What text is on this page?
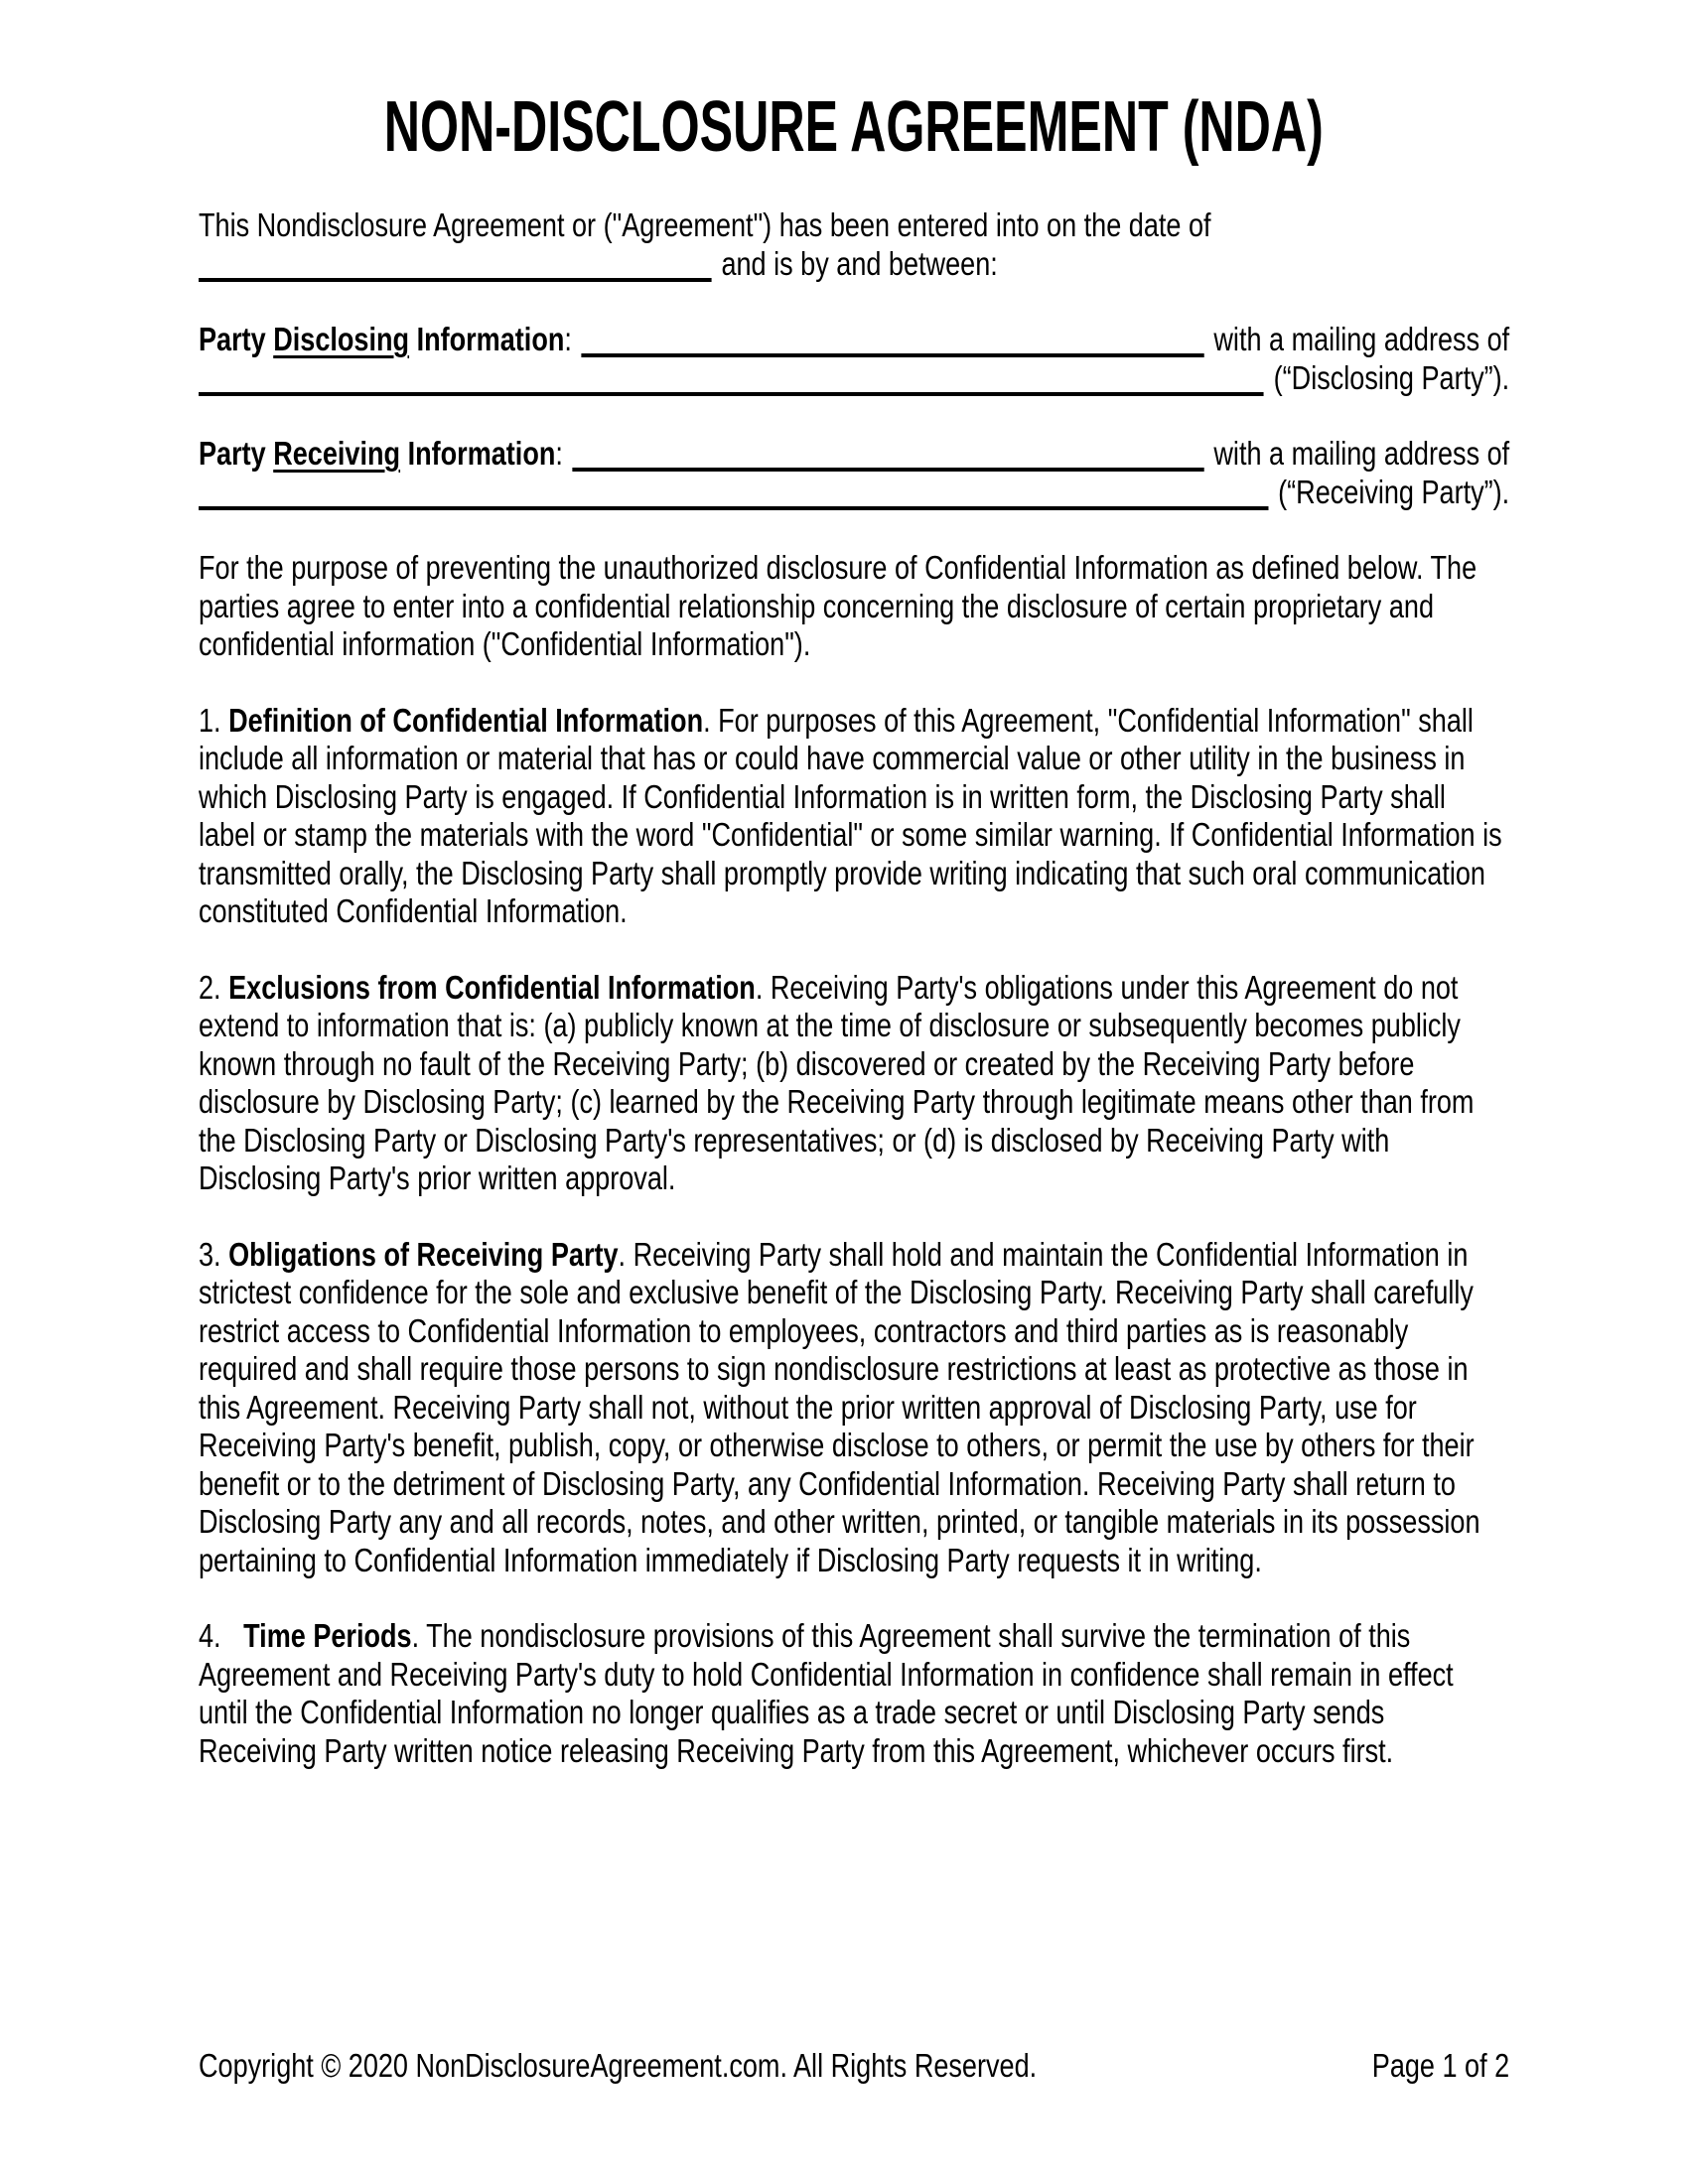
NON-DISCLOSURE AGREEMENT (NDA)
This Nondisclosure Agreement or ("Agreement") has been entered into on the date of
and is by and between:
Party Disclosing Information:	with a mailing address of
(“Disclosing Party”).
Party Receiving Information:	with a mailing address of
(“Receiving Party”).
For the purpose of preventing the unauthorized disclosure of Confidential Information as defined below. The parties agree to enter into a confidential relationship concerning the disclosure of certain proprietary and confidential information ("Confidential Information").
1. Definition of Confidential Information. For purposes of this Agreement, "Confidential Information" shall include all information or material that has or could have commercial value or other utility in the business in which Disclosing Party is engaged. If Confidential Information is in written form, the Disclosing Party shall label or stamp the materials with the word "Confidential" or some similar warning. If Confidential Information is transmitted orally, the Disclosing Party shall promptly provide writing indicating that such oral communication constituted Confidential Information.
2. Exclusions from Confidential Information. Receiving Party's obligations under this Agreement do not extend to information that is: (a) publicly known at the time of disclosure or subsequently becomes publicly known through no fault of the Receiving Party; (b) discovered or created by the Receiving Party before disclosure by Disclosing Party; (c) learned by the Receiving Party through legitimate means other than from the Disclosing Party or Disclosing Party's representatives; or (d) is disclosed by Receiving Party with Disclosing Party's prior written approval.
3. Obligations of Receiving Party. Receiving Party shall hold and maintain the Confidential Information in strictest confidence for the sole and exclusive benefit of the Disclosing Party. Receiving Party shall carefully restrict access to Confidential Information to employees, contractors and third parties as is reasonably required and shall require those persons to sign nondisclosure restrictions at least as protective as those in this Agreement. Receiving Party shall not, without the prior written approval of Disclosing Party, use for Receiving Party's benefit, publish, copy, or otherwise disclose to others, or permit the use by others for their benefit or to the detriment of Disclosing Party, any Confidential Information. Receiving Party shall return to Disclosing Party any and all records, notes, and other written, printed, or tangible materials in its possession pertaining to Confidential Information immediately if Disclosing Party requests it in writing.
4. Time Periods. The nondisclosure provisions of this Agreement shall survive the termination of this Agreement and Receiving Party's duty to hold Confidential Information in confidence shall remain in effect until the Confidential Information no longer qualifies as a trade secret or until Disclosing Party sends Receiving Party written notice releasing Receiving Party from this Agreement, whichever occurs first.
Copyright © 2020 NonDisclosureAgreement.com. All Rights Reserved.	Page 1 of 2
